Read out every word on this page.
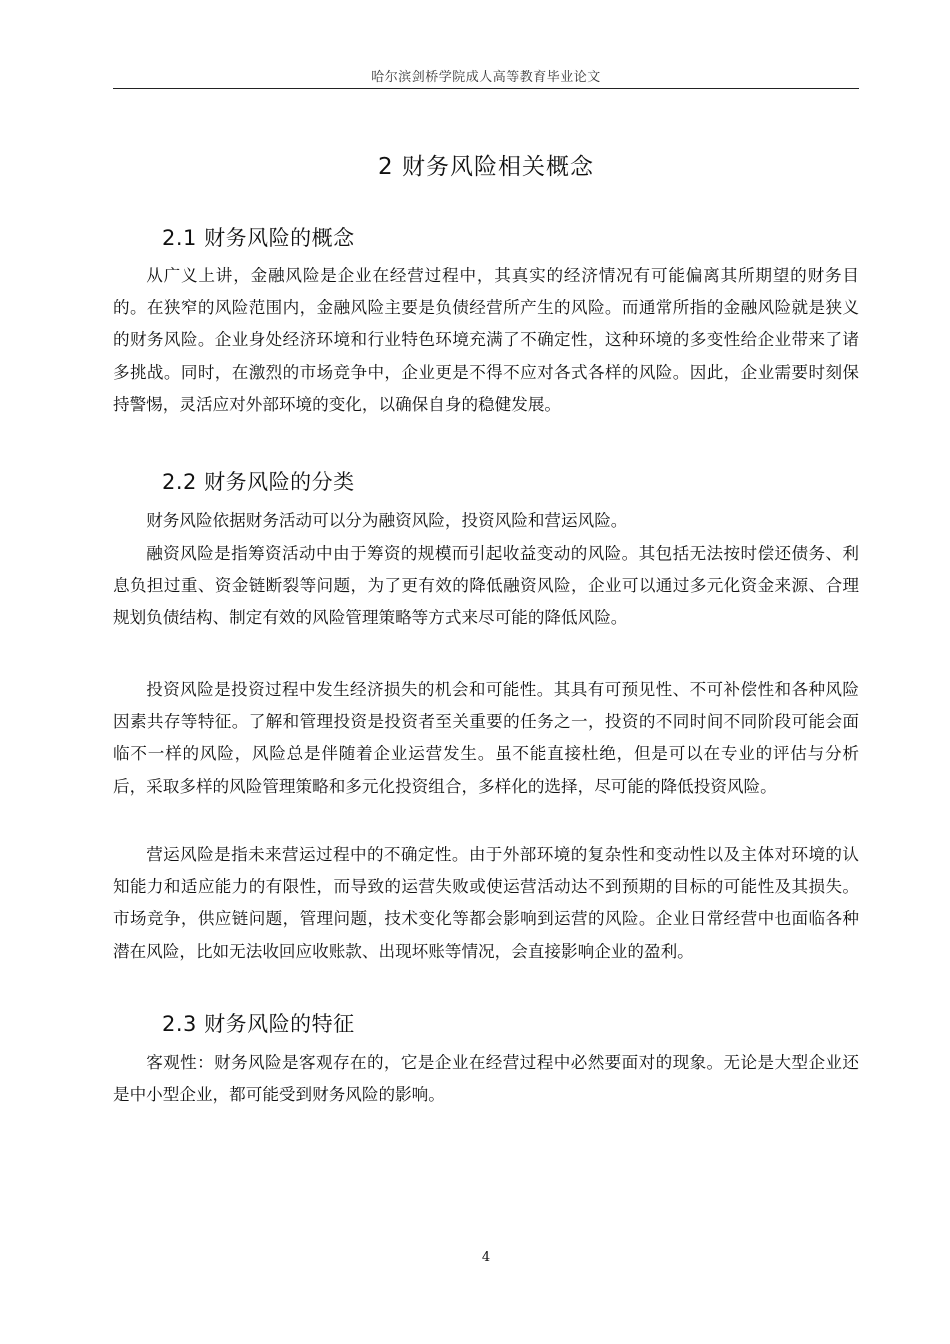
哈尔滨剑桥学院成人高等教育毕业论文
2 财务风险相关概念
2.1 财务风险的概念

从广义上讲，金融风险是企业在经营过程中，其真实的经济情况有可能偏离其所期望的财务目的。在狭窄的风险范围内，金融风险主要是负债经营所产生的风险。而通常所指的金融风险就是狭义的财务风险。企业身处经济环境和行业特色环境充满了不确定性，这种环境的多变性给企业带来了诸多挑战。同时，在激烈的市场竞争中，企业更是不得不应对各式各样的风险。因此，企业需要时刻保持警惕，灵活应对外部环境的变化，以确保自身的稳健发展。

2.2 财务风险的分类

财务风险依据财务活动可以分为融资风险，投资风险和营运风险。

融资风险是指筹资活动中由于筹资的规模而引起收益变动的风险。其包括无法按时偿还债务、利息负担过重、资金链断裂等问题，为了更有效的降低融资风险，企业可以通过多元化资金来源、合理规划负债结构、制定有效的风险管理策略等方式来尽可能的降低风险。

投资风险是投资过程中发生经济损失的机会和可能性。其具有可预见性、不可补偿性和各种风险因素共存等特征。了解和管理投资是投资者至关重要的任务之一，投资的不同时间不同阶段可能会面临不一样的风险，风险总是伴随着企业运营发生。虽不能直接杜绝，但是可以在专业的评估与分析后，采取多样的风险管理策略和多元化投资组合，多样化的选择，尽可能的降低投资风险。

营运风险是指未来营运过程中的不确定性。由于外部环境的复杂性和变动性以及主体对环境的认知能力和适应能力的有限性，而导致的运营失败或使运营活动达不到预期的目标的可能性及其损失。市场竞争，供应链问题，管理问题，技术变化等都会影响到运营的风险。企业日常经营中也面临各种潜在风险，比如无法收回应收账款、出现坏账等情况，会直接影响企业的盈利。

2.3 财务风险的特征

客观性：财务风险是客观存在的，它是企业在经营过程中必然要面对的现象。无论是大型企业还是中小型企业，都可能受到财务风险的影响。

4
